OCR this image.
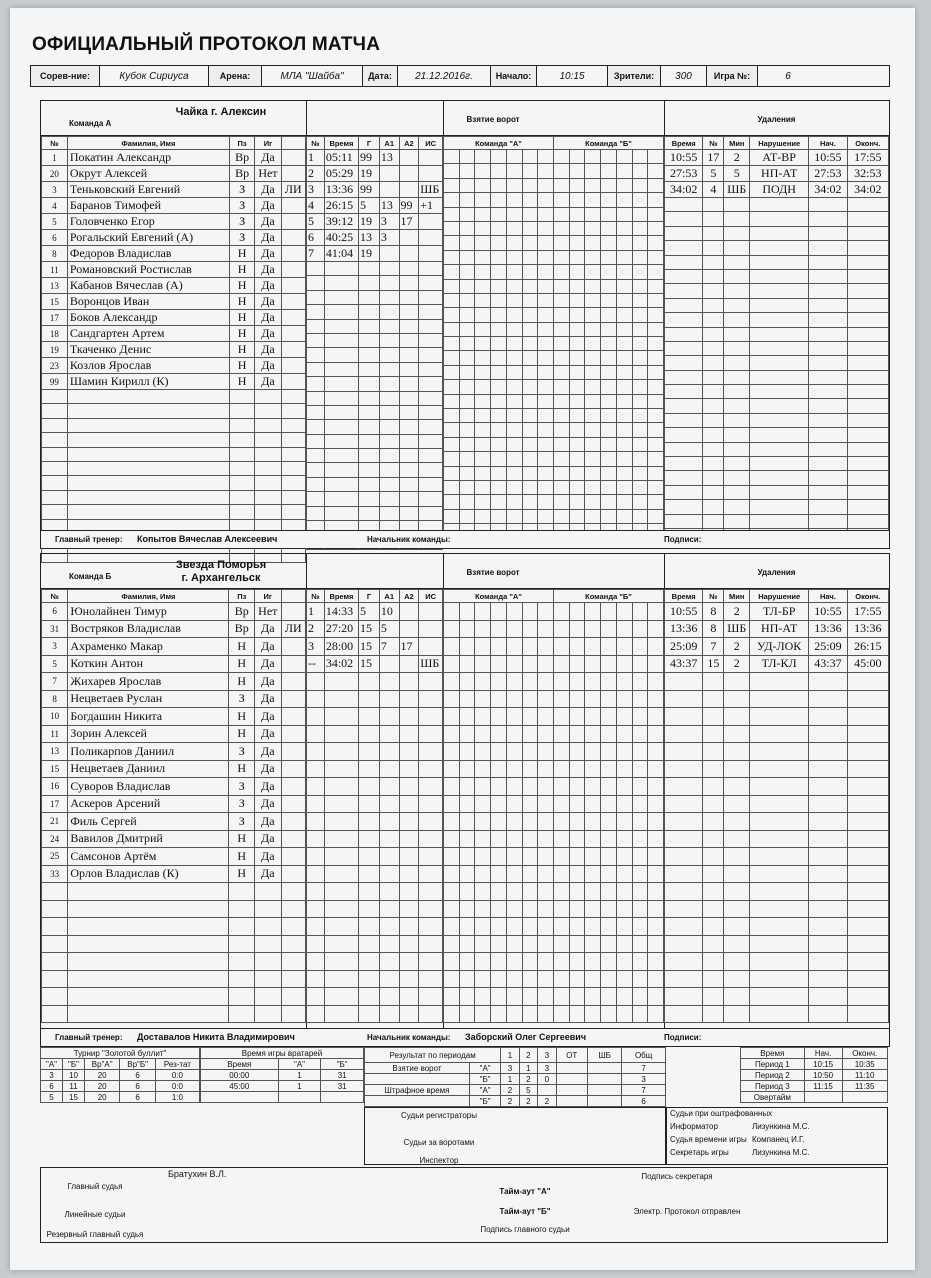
ОФИЦИАЛЬНЫЙ ПРОТОКОЛ МАТЧА
Сорев-ние:	Кубок Сириуса	Арена:	МЛА "Шайба"	Дата:	21.12.2016г.	Начало:	10:15	Зрители:	300	Игра №:	6
Команда А
Чайка г. Алексин
Взятие ворот	Удаления
№	Фамилия, Имя	Пз	Иг	
1	Покатин Александр	Вр	Да	
20	Окрут Алексей	Вр	Нет	
3	Теньковский Евгений	З	Да	ЛИ
4	Баранов Тимофей	З	Да	
5	Головченко Егор	З	Да	
6	Рогальский Евгений (А)	З	Да	
8	Федоров Владислав	Н	Да	
11	Романовский Ростислав	Н	Да	
13	Кабанов Вячеслав (А)	Н	Да	
15	Воронцов Иван	Н	Да	
17	Боков Александр	Н	Да	
18	Сандгартен Артем	Н	Да	
19	Ткаченко Денис	Н	Да	
23	Козлов Ярослав	Н	Да	
99	Шамин Кирилл (К)	Н	Да	

№	Время	Г	А1	А2	ИС
1	05:11	99	13		
2	05:29	19			
3	13:36	99			ШБ
4	26:15	5	13	99	+1
5	39:12	19	3	17	
6	40:25	13	3		
7	41:04	19			

Команда "А"							Команда "Б"						

														Время	№	Мин	Нарушение	Нач.	Оконч.
10:55	17	2	АТ-ВР	10:55	17:55
27:53	5	5	НП-АТ	27:53	32:53
34:02	4	ШБ	ПОДН	34:02	34:02

Главный тренер: Копытов Вячеслав Алексеевич	Начальник команды:	Подписи:
Команда Б
Звезда Поморья
г. Архангельск	Взятие ворот	Удаления
№	Фамилия, Имя	Пз	Иг	
6	Юнолайнен Тимур	Вр	Нет	
31	Востряков Владислав	Вр	Да	ЛИ
3	Ахраменко Макар	Н	Да	
5	Коткин Антон	Н	Да	
7	Жихарев Ярослав	Н	Да	
8	Нецветаев Руслан	З	Да	
10	Богдашин Никита	Н	Да	
11	Зорин Алексей	Н	Да	
13	Поликарпов Даниил	З	Да	
15	Нецветаев Даниил	Н	Да	
16	Суворов Владислав	З	Да	
17	Аскеров Арсений	З	Да	
21	Филь Сергей	З	Да	
24	Вавилов Дмитрий	Н	Да	
25	Самсонов Артём	Н	Да	
33	Орлов Владислав (К)	Н	Да	

№	Время	Г	А1	А2	ИС
1	14:33	5	10		
2	27:20	15	5		
3	28:00	15	7	17	
--	34:02	15			ШБ

Команда "А"							Команда "Б"						

														Время	№	Мин	Нарушение	Нач.	Оконч.
10:55	8	2	ТЛ-БР	10:55	17:55
13:36	8	ШБ	НП-АТ	13:36	13:36
25:09	7	2	УД-ЛОК	25:09	26:15
43:37	15	2	ТЛ-КЛ	43:37	45:00

Главный тренер: Доставалов Никита Владимирович	Начальник команды: Заборский Олег Сергеевич	Подписи:
Турнир "Золотой буллит"				
"А"	"Б"	Вр"А"	Вр"Б"	Рез-тат
3	10	20	6	0:0
6	11	20	6	0:0
5	15	20	6	1:0
Время игры вратарей		
Время	"А"	"Б"
00:00	1	31
45:00	1	31

Результат по периодам		1	2	3	ОТ	ШБ	Общ
Взятие ворот	"А"	3	1	3			7
	"Б"	1	2	0			3
Штрафное время	"А"	2	5				7
	"Б"	2	2	2			6
Время	Нач.	Оконч.
Период 1	10:15	10:35
Период 2	10:50	11:10
Период 3	11:15	11:35
Овертайм		
Судьи регистраторы
Судьи за воротами
Инспектор
Судьи при оштрафованных
Информатор	Лизункина М.С.
Судья времени игры Компанец И.Г.
Секретарь игры	Лизункина М.С.
Главный судья
Линейные судьи
Резервный главный судья
Братухин В.Л.
Тайм-аут "А"
Тайм-аут "Б"
Подпись главного судьи
Подпись секретаря
Электр. Протокол отправлен
